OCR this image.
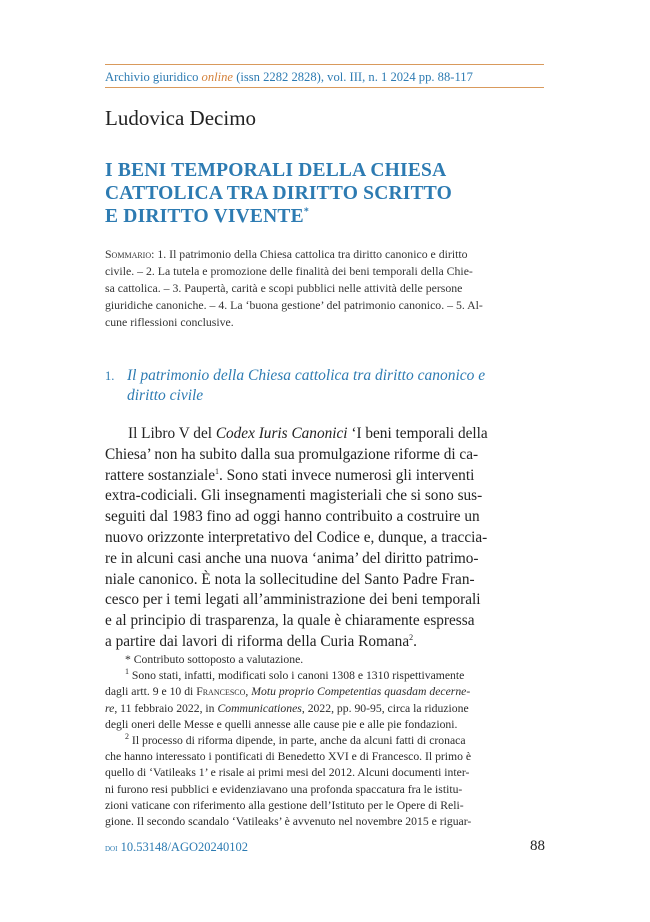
Archivio giuridico online (issn 2282 2828), vol. III, n. 1 2024 pp. 88-117
Ludovica Decimo
I BENI TEMPORALI DELLA CHIESA
CATTOLICA TRA DIRITTO SCRITTO
E DIRITTO VIVENTE*
Sommario: 1. Il patrimonio della Chiesa cattolica tra diritto canonico e diritto
civile. – 2. La tutela e promozione delle finalità dei beni temporali della Chie-
sa cattolica. – 3. Paupertà, carità e scopi pubblici nelle attività delle persone
giuridiche canoniche. – 4. La ‘buona gestione’ del patrimonio canonico. – 5. Al-
cune riflessioni conclusive.
1. Il patrimonio della Chiesa cattolica tra diritto canonico e
diritto civile
Il Libro V del Codex Iuris Canonici ‘I beni temporali della
Chiesa’ non ha subito dalla sua promulgazione riforme di ca-
rattere sostanziale$^1$. Sono stati invece numerosi gli interventi
extra-codiciali. Gli insegnamenti magisteriali che si sono sus-
seguiti dal 1983 fino ad oggi hanno contribuito a costruire un
nuovo orizzonte interpretativo del Codice e, dunque, a traccia-
re in alcuni casi anche una nuova ‘anima’ del diritto patrimo-
niale canonico. È nota la sollecitudine del Santo Padre Fran-
cesco per i temi legati all’amministrazione dei beni temporali
e al principio di trasparenza, la quale è chiaramente espressa
a partire dai lavori di riforma della Curia Romana$^2$.
* Contributo sottoposto a valutazione.
$^1$ Sono stati, infatti, modificati solo i canoni 1308 e 1310 rispettivamente
dagli artt. 9 e 10 di Francesco, Motu proprio Competentias quasdam decerne-
re, 11 febbraio 2022, in Communicationes, 2022, pp. 90-95, circa la riduzione
degli oneri delle Messe e quelli annesse alle cause pie e alle pie fondazioni.
$^2$ Il processo di riforma dipende, in parte, anche da alcuni fatti di cronaca
che hanno interessato i pontificati di Benedetto XVI e di Francesco. Il primo è
quello di ‘Vatileaks 1’ e risale ai primi mesi del 2012. Alcuni documenti inter-
ni furono resi pubblici e evidenziavano una profonda spaccatura fra le istitu-
zioni vaticane con riferimento alla gestione dell’Istituto per le Opere di Reli-
gione. Il secondo scandalo ‘Vatileaks’ è avvenuto nel novembre 2015 e riguar-
doi 10.53148/AGO20240102	88
